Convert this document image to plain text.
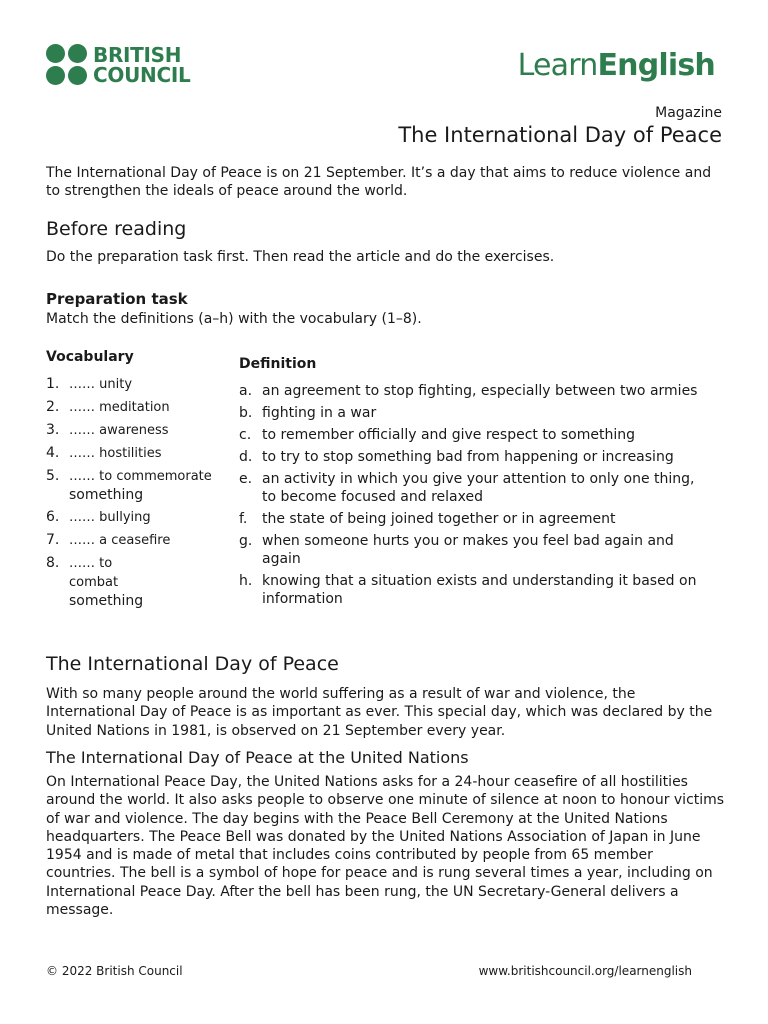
BRITISH
COUNCIL	LearnEnglish
Magazine
The International Day of Peace
The International Day of Peace is on 21 September. It’s a day that aims to reduce violence and to strengthen the ideals of peace around the world.
Before reading
Do the preparation task first. Then read the article and do the exercises.
Preparation task
Match the definitions (a–h) with the vocabulary (1–8).
Vocabulary
1. …… unity
2. …… meditation
3. …… awareness
4. …… hostilities
5. …… to commemorate
something
6. …… bullying
7. …… a ceasefire
8. …… to
combat
something
Definition
a. an agreement to stop fighting, especially between two armies
b. fighting in a war
c. to remember officially and give respect to something
d. to try to stop something bad from happening or increasing
e. an activity in which you give your attention to only one thing, to become focused and relaxed
f. the state of being joined together or in agreement
g. when someone hurts you or makes you feel bad again and again
h. knowing that a situation exists and understanding it based on information
The International Day of Peace
With so many people around the world suffering as a result of war and violence, the International Day of Peace is as important as ever. This special day, which was declared by the United Nations in 1981, is observed on 21 September every year.
The International Day of Peace at the United Nations
On International Peace Day, the United Nations asks for a 24-hour ceasefire of all hostilities around the world. It also asks people to observe one minute of silence at noon to honour victims of war and violence. The day begins with the Peace Bell Ceremony at the United Nations headquarters. The Peace Bell was donated by the United Nations Association of Japan in June 1954 and is made of metal that includes coins contributed by people from 65 member countries. The bell is a symbol of hope for peace and is rung several times a year, including on International Peace Day. After the bell has been rung, the UN Secretary-General delivers a message.
© 2022 British Council	www.britishcouncil.org/learnenglish
